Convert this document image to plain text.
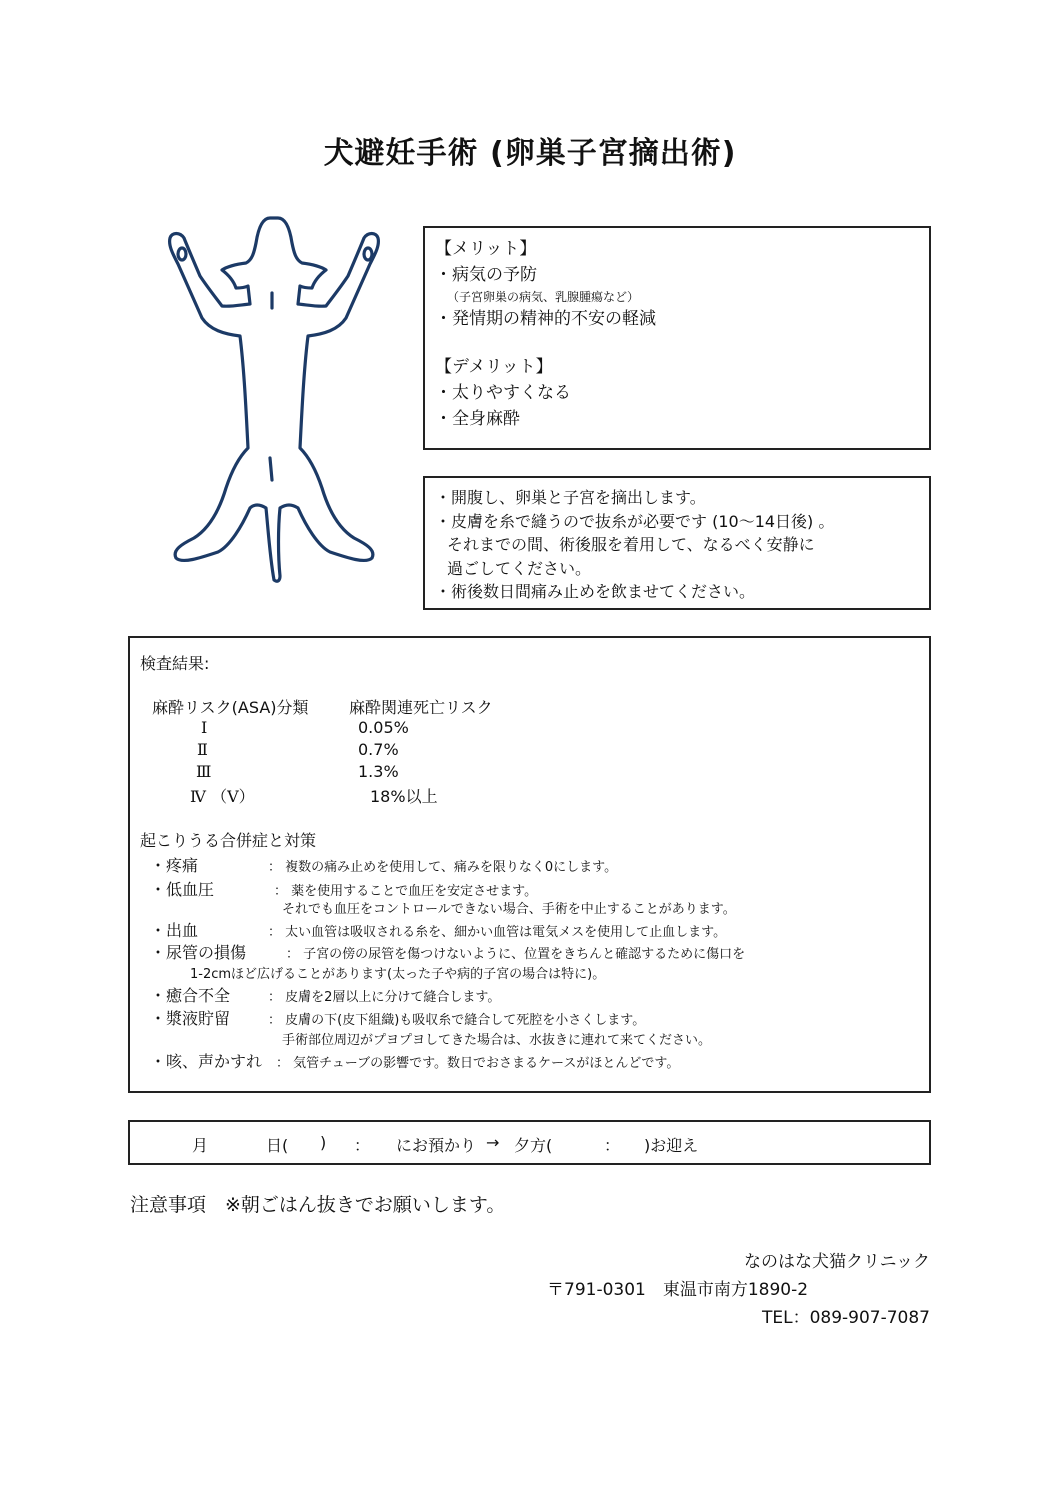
犬避妊手術 (卵巣子宮摘出術)
【メリット】
・病気の予防
（子宮卵巣の病気、乳腺腫瘍など）
・発情期の精神的不安の軽減
【デメリット】
・太りやすくなる
・全身麻酔
・開腹し、卵巣と子宮を摘出します。
・皮膚を糸で縫うので抜糸が必要です (10〜14日後) 。
それまでの間、術後服を着用して、なるべく安静に
過ごしてください。
・術後数日間痛み止めを飲ませてください。
検査結果:
麻酔リスク(ASA)分類	麻酔関連死亡リスク
Ⅰ	0.05%
Ⅱ	0.7%
Ⅲ	1.3%
Ⅳ （Ⅴ）	18%以上
起こりうる合併症と対策
・疼痛	： 複数の痛み止めを使用して、痛みを限りなく0にします。
・低血圧	： 薬を使用することで血圧を安定させます。
それでも血圧をコントロールできない場合、手術を中止することがあります。
・出血	： 太い血管は吸収される糸を、細かい血管は電気メスを使用して止血します。
・尿管の損傷	： 子宮の傍の尿管を傷つけないように、位置をきちんと確認するために傷口を
1-2cmほど広げることがあります(太った子や病的子宮の場合は特に)。
・癒合不全	： 皮膚を2層以上に分けて縫合します。
・漿液貯留	： 皮膚の下(皮下組織)も吸収糸で縫合して死腔を小さくします。
手術部位周辺がプヨプヨしてきた場合は、水抜きに連れて来てください。
・咳、声かすれ ： 気管チューブの影響です。数日でおさまるケースがほとんどです。
月	日( ) ： にお預かり → 夕方(	： )お迎え
注意事項　※朝ごはん抜きでお願いします。
なのはな犬猫クリニック
〒791-0301　東温市南方1890-2
TEL：089-907-7087
